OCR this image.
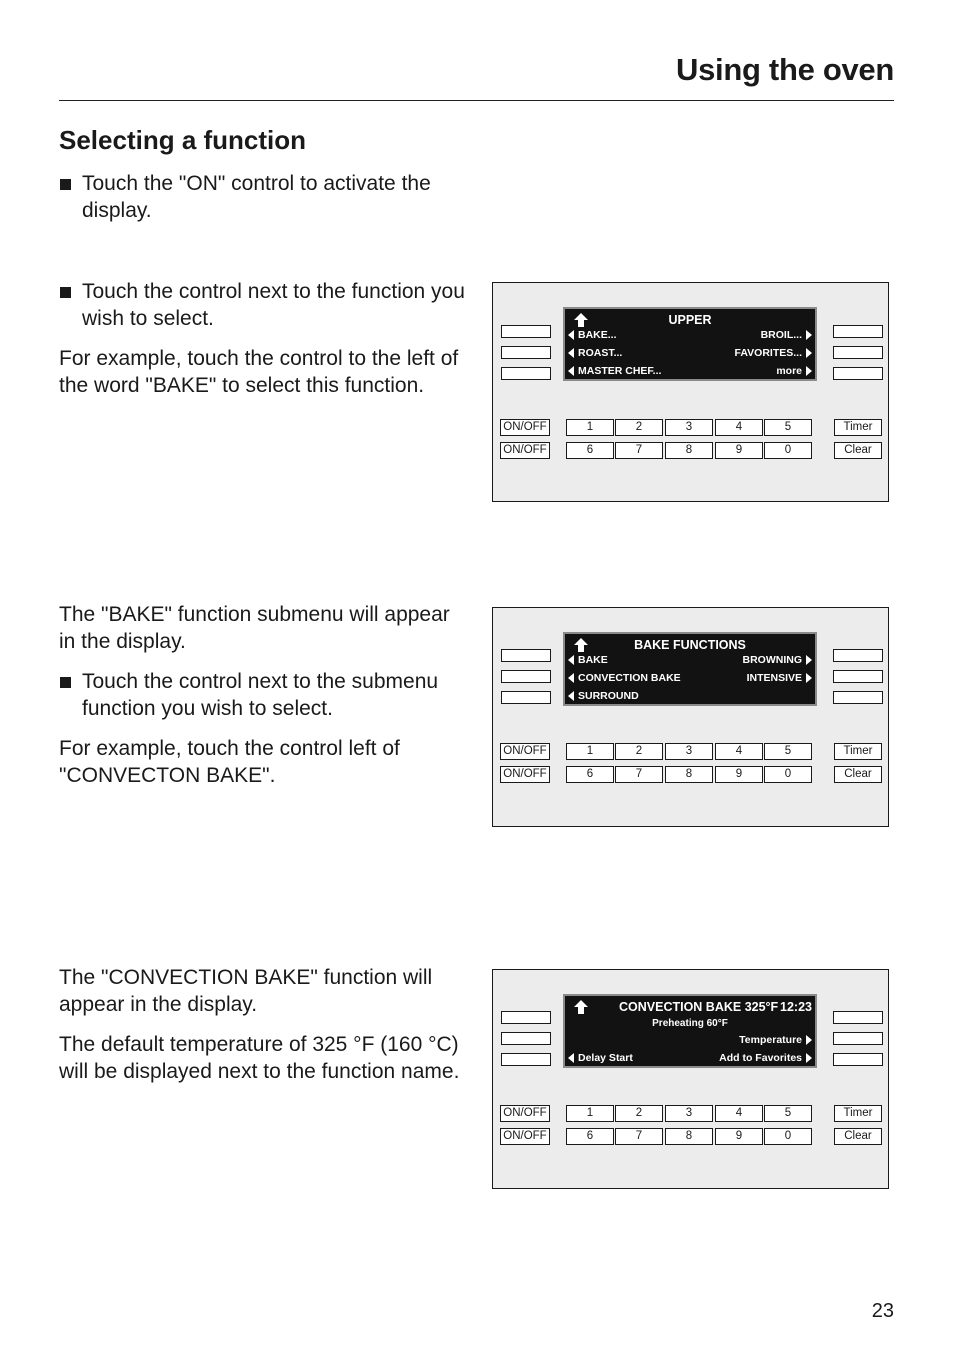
Using the oven
Selecting a function
Touch the "ON" control to activate the display.
Touch the control next to the function you wish to select.

For example, touch the control to the left of the word "BAKE" to select this function.

The "BAKE" function submenu will appear in the display.

Touch the control next to the submenu function you wish to select.

For example, touch the control left of "CONVECTON BAKE".

The "CONVECTION BAKE" function will appear in the display.

The default temperature of 325 °F (160 °C) will be displayed next to the function name.

UPPER
BAKE...	BROIL...
ROAST...	FAVORITES...
MASTER CHEF...	more
ON/OFF
ON/OFF
1	2	3	4	5
6	7	8	9	0
Timer
Clear
BAKE FUNCTIONS
BAKE	BROWNING
CONVECTION BAKE	INTENSIVE
SURROUND
ON/OFF
ON/OFF
1	2	3	4	5
6	7	8	9	0
Timer
Clear
CONVECTION BAKE 325°F 12:23
Preheating 60°F
Temperature
Delay Start	Add to Favorites
ON/OFF
ON/OFF
1	2	3	4	5
6	7	8	9	0
Timer
Clear
23
